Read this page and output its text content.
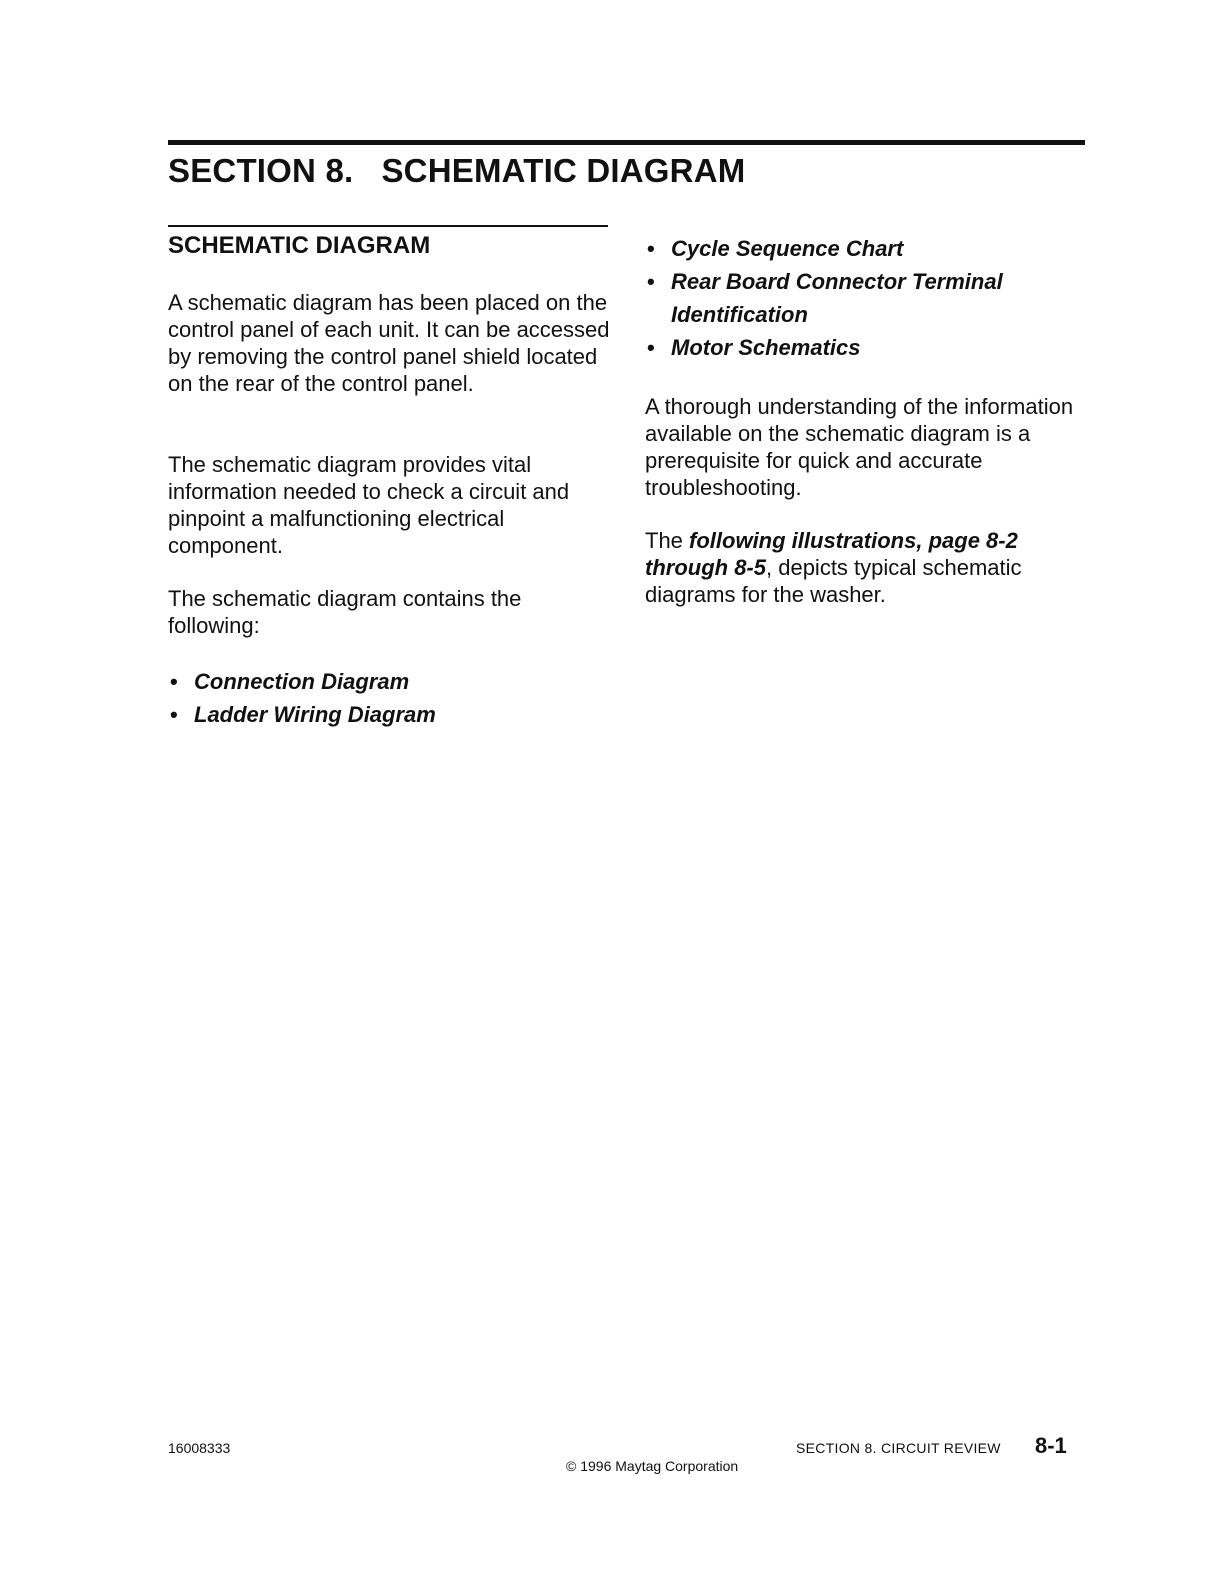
SECTION 8.   SCHEMATIC DIAGRAM
SCHEMATIC DIAGRAM

A schematic diagram has been placed on the control panel of each unit. It can be accessed by removing the control panel shield located on the rear of the control panel.

The schematic diagram provides vital information needed to check a circuit and pinpoint a malfunctioning electrical component.

The schematic diagram contains the following:

• Connection Diagram
• Ladder Wiring Diagram
• Cycle Sequence Chart
• Rear Board Connector Terminal Identification
• Motor Schematics

A thorough understanding of the information available on the schematic diagram is a prerequisite for quick and accurate troubleshooting.

The following illustrations, page 8-2 through 8-5, depicts typical schematic diagrams for the washer.

16008333
© 1996 Maytag Corporation
SECTION 8. CIRCUIT REVIEW 8-1
